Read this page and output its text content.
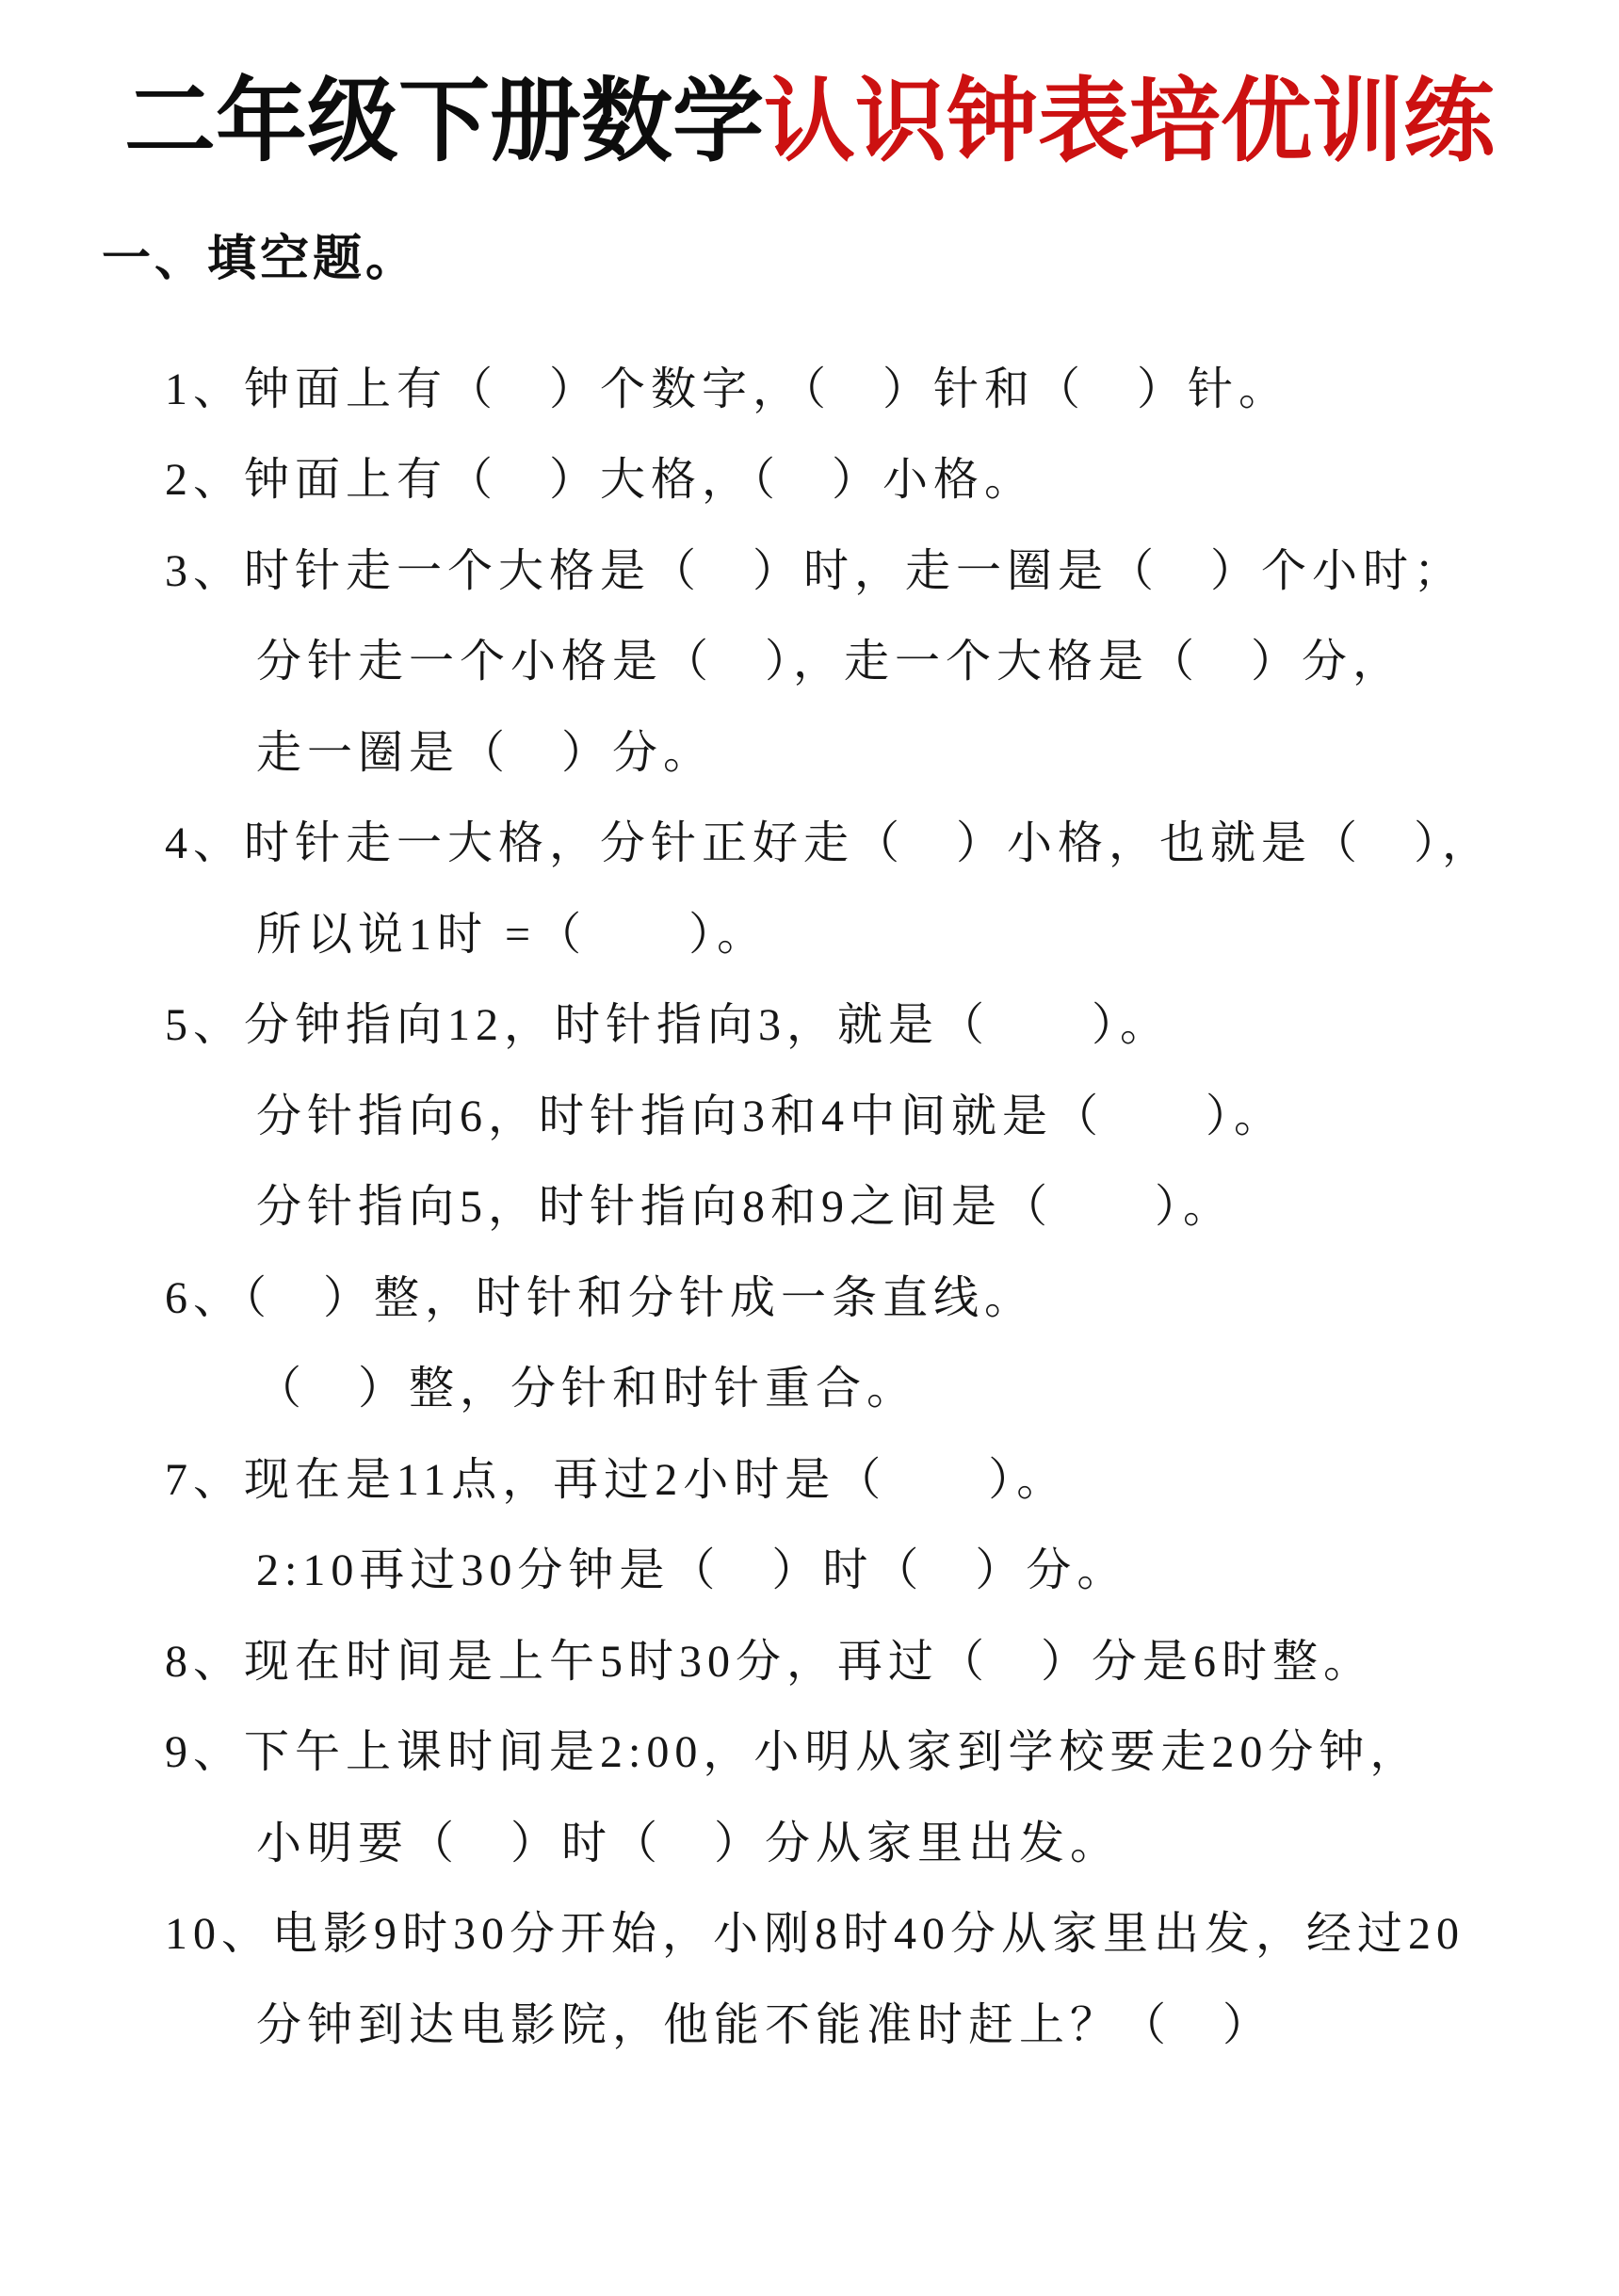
二年级下册数学认识钟表培优训练
一、填空题。
1、钟面上有（　）个数字，（　）针和（　）针。
2、钟面上有（　）大格，（　）小格。
3、时针走一个大格是（　）时，走一圈是（　）个小时；
分针走一个小格是（　），走一个大格是（　）分，
走一圈是（　）分。
4、时针走一大格，分针正好走（　）小格，也就是（　），
所以说1时 =（　　）。
5、分钟指向12，时针指向3，就是（　　）。
分针指向6，时针指向3和4中间就是（　　）。
分针指向5，时针指向8和9之间是（　　）。
6、（　）整，时针和分针成一条直线。
（　）整，分针和时针重合。
7、现在是11点，再过2小时是（　　）。
2:10再过30分钟是（　）时（　）分。
8、现在时间是上午5时30分，再过（　）分是6时整。
9、下午上课时间是2:00，小明从家到学校要走20分钟，
小明要（　）时（　）分从家里出发。
10、电影9时30分开始，小刚8时40分从家里出发，经过20
分钟到达电影院，他能不能准时赶上？（　）
